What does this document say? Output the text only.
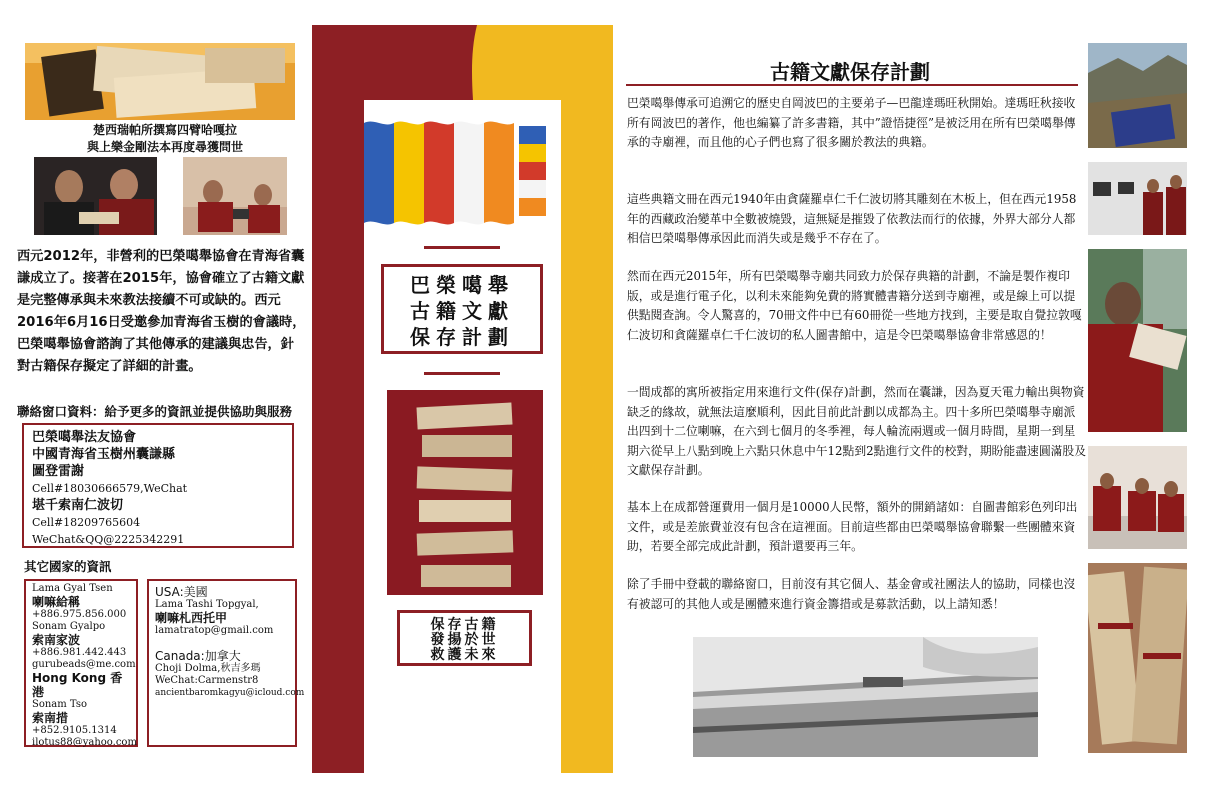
楚西瑞帕所撰寫四臂哈嘎拉
與上樂金剛法本再度尋獲問世
西元2012年，非營利的巴榮噶舉協會在青海省囊謙成立了。接著在2015年，協會確立了古籍文獻是完整傳承與未來教法接續不可或缺的。西元2016年6月16日受邀參加青海省玉樹的會議時，巴榮噶舉協會諮詢了其他傳承的建議與忠告，針對古籍保存擬定了詳細的計畫。
聯絡窗口資料：給予更多的資訊並提供協助與服務
巴榮噶舉法友協會
中國青海省玉樹州囊謙縣
圖登雷謝
Cell#18030666579,WeChat
堪千索南仁波切
Cell#18209765604
WeChat&QQ@2225342291
其它國家的資訊
Lama Gyal Tsen
喇嘛給稱
+886.975.856.000
Sonam Gyalpo
索南家波
+886.981.442.443
gurubeads@me.com
Hong Kong 香港
Sonam Tso
索南措
+852.9105.1314
ilotus88@yahoo.com
USA:美國
Lama Tashi Topgyal,
喇嘛札西托甲
lamatratop@gmail.com
Canada:加拿大
Choji Dolma,秋吉多瑪
WeChat:Carmenstr8
ancientbaromkagyu@icloud.com
巴榮噶舉
古籍文獻
保存計劃
保存古籍
發揚於世
救護未來
古籍文獻保存計劃
巴榮噶舉傳承可追溯它的歷史自岡波巴的主要弟子—巴龍達瑪旺秋開始。達瑪旺秋接收所有岡波巴的著作，他也編纂了許多書籍，其中”證悟捷徑”是被泛用在所有巴榮噶舉傳承的寺廟裡，而且他的心子們也寫了很多關於教法的典籍。
這些典籍文冊在西元1940年由貪薩羅卓仁千仁波切將其雕刻在木板上，但在西元1958年的西藏政治變革中全數被燒毀，這無疑是摧毀了依教法而行的依據，外界大部分人都相信巴榮噶舉傳承因此而消失或是幾乎不存在了。
然而在西元2015年，所有巴榮噶舉寺廟共同致力於保存典籍的計劃，不論是製作複印版，或是進行電子化，以利未來能夠免費的將實體書籍分送到寺廟裡，或是線上可以提供點閱查詢。令人驚喜的，70冊文件中已有60冊從一些地方找到，主要是取自覺拉敦嘎仁波切和貪薩羅卓仁千仁波切的私人圖書館中，這是令巴榮噶舉協會非常感恩的！
一間成都的寓所被指定用來進行文件(保存)計劃，然而在囊謙，因為夏天電力輸出與物資缺乏的緣故，就無法這麼順利，因此目前此計劃以成都為主。四十多所巴榮噶舉寺廟派出四到十二位喇嘛，在六到七個月的冬季裡，每人輪流兩週或一個月時間，星期一到星期六從早上八點到晚上六點只休息中午12點到2點進行文件的校對，期盼能盡速圓滿股及文獻保存計劃。
基本上在成都營運費用一個月是10000人民幣，額外的開銷諸如：自圖書館彩色列印出文件，或是差旅費並沒有包含在這裡面。目前這些都由巴榮噶舉協會聯繫一些團體來資助，若要全部完成此計劃，預計還要再三年。
除了手冊中登載的聯絡窗口，目前沒有其它個人、基金會或社團法人的協助，同樣也沒有被認可的其他人或是團體來進行資金籌措或是募款活動，以上請知悉！
